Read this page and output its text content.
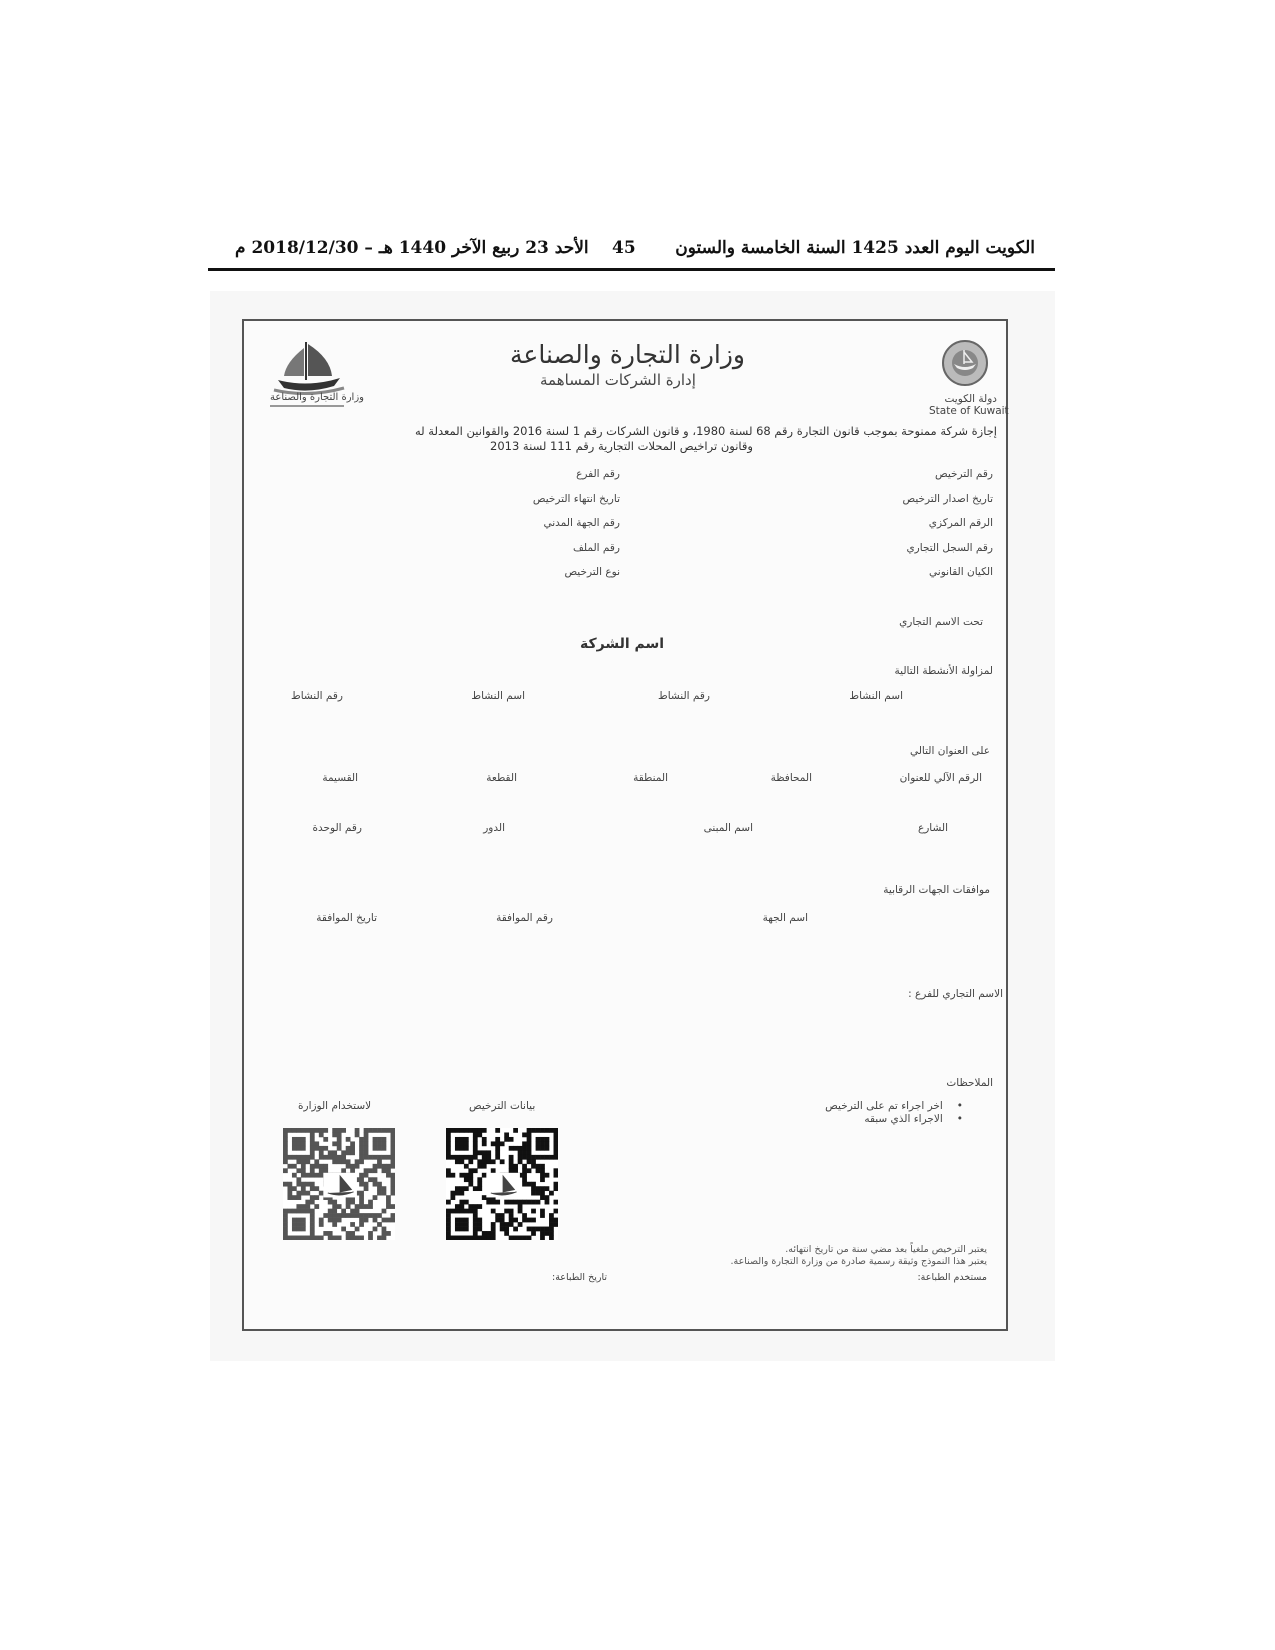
الكويت اليوم العدد 1425 السنة الخامسة والستون
45
الأحد 23 ربيع الآخر 1440 هـ – 2018/12/30 م
وزارة التجارة والصناعة
وزارة التجارة والصناعة
إدارة الشركات المساهمة
دولة الكويت
State of Kuwait
إجازة شركة ممنوحة بموجب قانون التجارة رقم 68 لسنة 1980، و قانون الشركات رقم 1 لسنة 2016 والقوانين المعدلة له
وقانون تراخيص المحلات التجارية رقم 111 لسنة 2013
رقم الترخيص
تاريخ اصدار الترخيص
الرقم المركزي
رقم السجل التجاري
الكيان القانوني
رقم الفرع
تاريخ انتهاء الترخيص
رقم الجهة المدني
رقم الملف
نوع الترخيص
تحت الاسم التجاري
اسم الشركة
لمزاولة الأنشطة التالية
اسم النشاط
رقم النشاط
اسم النشاط
رقم النشاط
على العنوان التالي
الرقم الآلي للعنوان
المحافظة
المنطقة
القطعة
القسيمة
الشارع
اسم المبنى
الدور
رقم الوحدة
موافقات الجهات الرقابية
اسم الجهة
رقم الموافقة
تاريخ الموافقة
الاسم التجاري للفرع :
الملاحظات
• اخر اجراء تم على الترخيص
• الاجراء الذي سبقه
بيانات الترخيص
لاستخدام الوزارة
يعتبر الترخيص ملغياً بعد مضي سنة من تاريخ انتهائه.
يعتبر هذا النموذج وثيقة رسمية صادرة من وزارة التجارة والصناعة.
مستخدم الطباعة:
تاريخ الطباعة:
